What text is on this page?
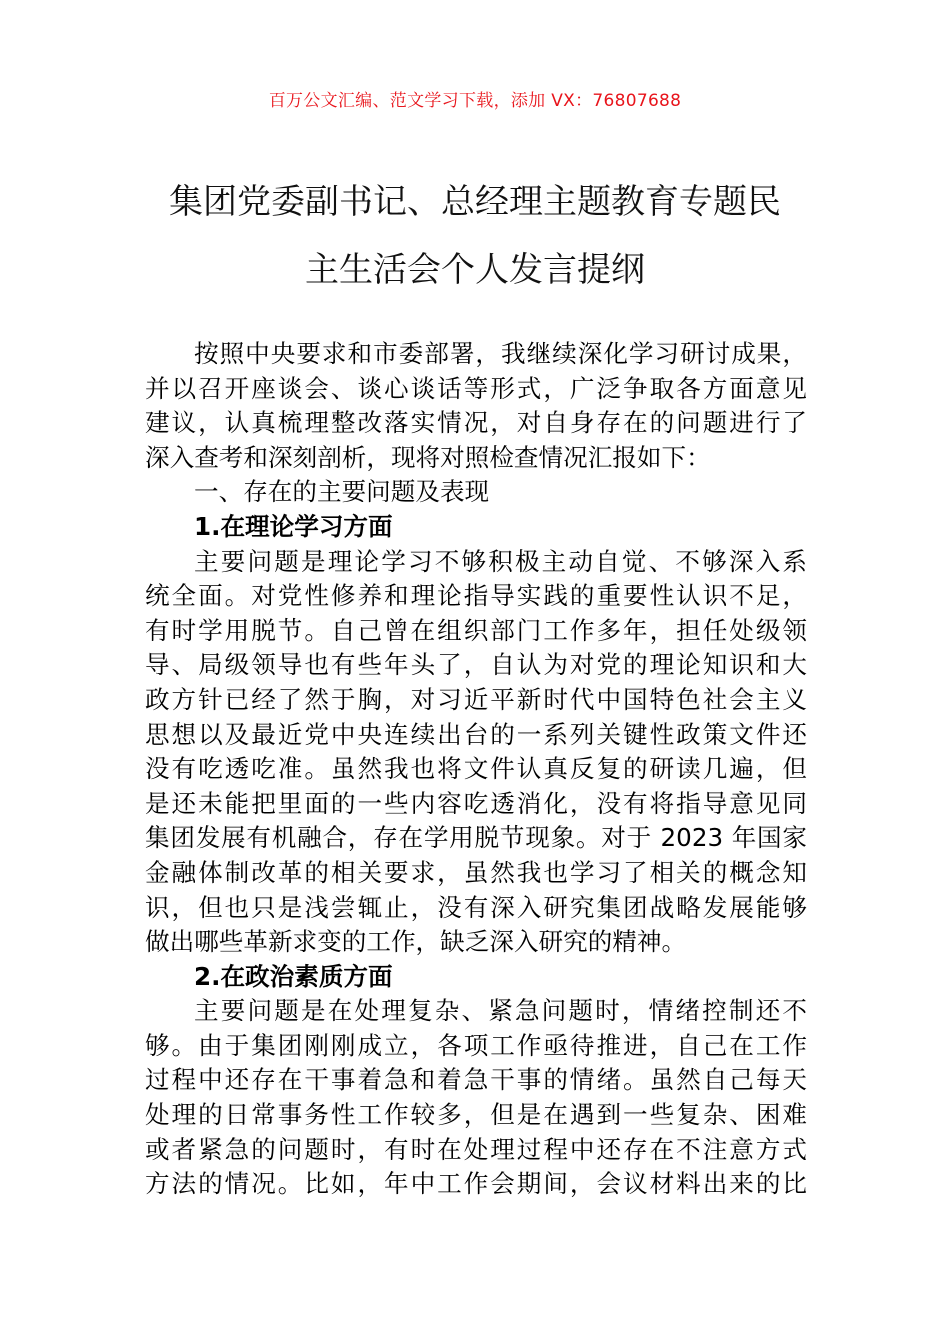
百万公文汇编、范文学习下载，添加 VX：76807688
集团党委副书记、总经理主题教育专题民
主生活会个人发言提纲
按照中央要求和市委部署，我继续深化学习研讨成果，
并以召开座谈会、谈心谈话等形式，广泛争取各方面意见
建议，认真梳理整改落实情况，对自身存在的问题进行了
深入查考和深刻剖析，现将对照检查情况汇报如下：
一、存在的主要问题及表现
1.在理论学习方面
主要问题是理论学习不够积极主动自觉、不够深入系
统全面。对党性修养和理论指导实践的重要性认识不足，
有时学用脱节。自己曾在组织部门工作多年，担任处级领
导、局级领导也有些年头了，自认为对党的理论知识和大
政方针已经了然于胸，对习近平新时代中国特色社会主义
思想以及最近党中央连续出台的一系列关键性政策文件还
没有吃透吃准。虽然我也将文件认真反复的研读几遍，但
是还未能把里面的一些内容吃透消化，没有将指导意见同
集团发展有机融合，存在学用脱节现象。对于 2023 年国家
金融体制改革的相关要求，虽然我也学习了相关的概念知
识，但也只是浅尝辄止，没有深入研究集团战略发展能够
做出哪些革新求变的工作，缺乏深入研究的精神。
2.在政治素质方面
主要问题是在处理复杂、紧急问题时，情绪控制还不
够。由于集团刚刚成立，各项工作亟待推进，自己在工作
过程中还存在干事着急和着急干事的情绪。虽然自己每天
处理的日常事务性工作较多，但是在遇到一些复杂、困难
或者紧急的问题时，有时在处理过程中还存在不注意方式
方法的情况。比如，年中工作会期间，会议材料出来的比
